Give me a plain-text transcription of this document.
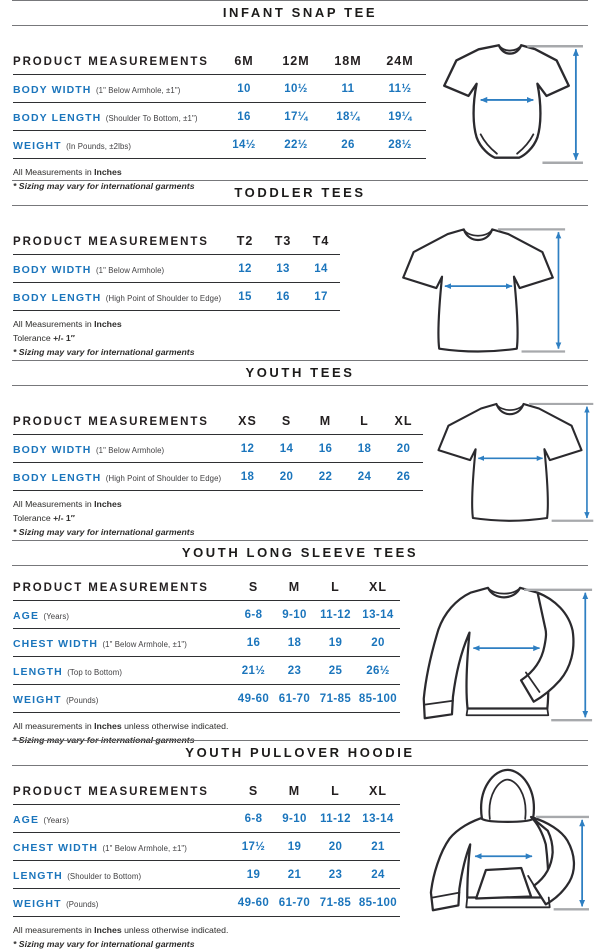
INFANT SNAP TEE
PRODUCT MEASUREMENTS	6M	12M	18M	24M
BODY WIDTH (1" Below Armhole, ±1")	10	10½	11	11½
BODY LENGTH (Shoulder To Bottom, ±1")	16	17¼	18¼	19¼
WEIGHT (In Pounds, ±2lbs)	14½	22½	26	28½

All Measurements in Inches

* Sizing may vary for international garments	TODDLER TEES
PRODUCT MEASUREMENTS	T2	T3	T4
BODY WIDTH (1" Below Armhole)	12	13	14
BODY LENGTH (High Point of Shoulder to Edge)	15	16	17

All Measurements in Inches

Tolerance +/- 1″

* Sizing may vary for international garments

YOUTH TEES
PRODUCT MEASUREMENTS	XS	S	M	L	XL
BODY WIDTH (1" Below Armhole)	12	14	16	18	20
BODY LENGTH (High Point of Shoulder to Edge)	18	20	22	24	26

All Measurements in Inches

Tolerance +/- 1″

* Sizing may vary for international garments

YOUTH LONG SLEEVE TEES
PRODUCT MEASUREMENTS	S	M	L	XL
AGE (Years)	6-8	9-10	11-12	13-14
CHEST WIDTH (1" Below Armhole, ±1")	16	18	19	20
LENGTH (Top to Bottom)	21½	23	25	26½
WEIGHT (Pounds)	49-60	61-70	71-85	85-100

All measurements in Inches unless otherwise indicated.

* Sizing may vary for international garments

YOUTH PULLOVER HOODIE
PRODUCT MEASUREMENTS	S	M	L	XL
AGE (Years)	6-8	9-10	11-12	13-14
CHEST WIDTH (1" Below Armhole, ±1")	17½	19	20	21
LENGTH (Shoulder to Bottom)	19	21	23	24
WEIGHT (Pounds)	49-60	61-70	71-85	85-100

All measurements in Inches unless otherwise indicated.

* Sizing may vary for international garments
